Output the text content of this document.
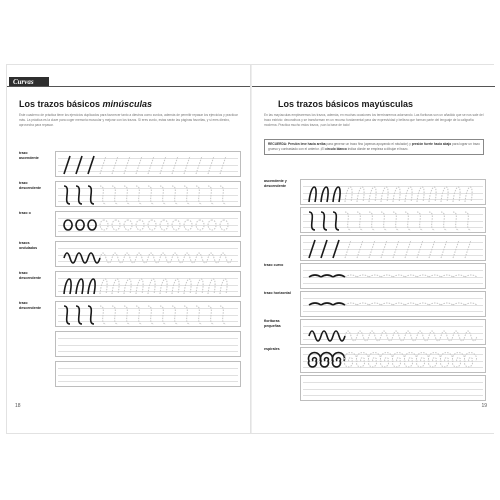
Curvas
Los trazos básicos minúsculas
Este cuaderno de práctica tiene los ejercicios duplicados para favorecer tanto a diestros como zurdos, además de permitir repasar los ejercicios y practicar más. La práctica es la clave para coger memoria muscular y mejorar con los trazos. Si eres zurdo, estas serán las páginas favoritas, y si eres diestro, aprovecha para repasar.
trazo ascendente
trazo descendente
trazo o
trazos ondulados
trazo descendente
trazo descendente
18
Los trazos básicos mayúsculas
En las mayúsculas emplearemos los trazos, además, en muchas ocasiones los terminaremos adornando. Las florituras son un añadido que se nos sale del trazo estricto: decorativos y se transforman en un recurso fundamental para dar expresividad y belleza que forman parte del lenguaje de la caligrafía moderna. Practica mucho estos trazos, ¡son la base de todo!
RECUERDA: Presión leve hacia arriba para generar un trazo fino (apenas apoyando el rotulador) y presión fuerte hacia abajo para lograr un trazo grueso y contrastado con el anterior. ¡El círculo blanco indica dónde se empieza a dibujar el trazo.
ascendente y descendente
trazo curvo
trazo horizontal
florituras pequeñas
espirales
19
